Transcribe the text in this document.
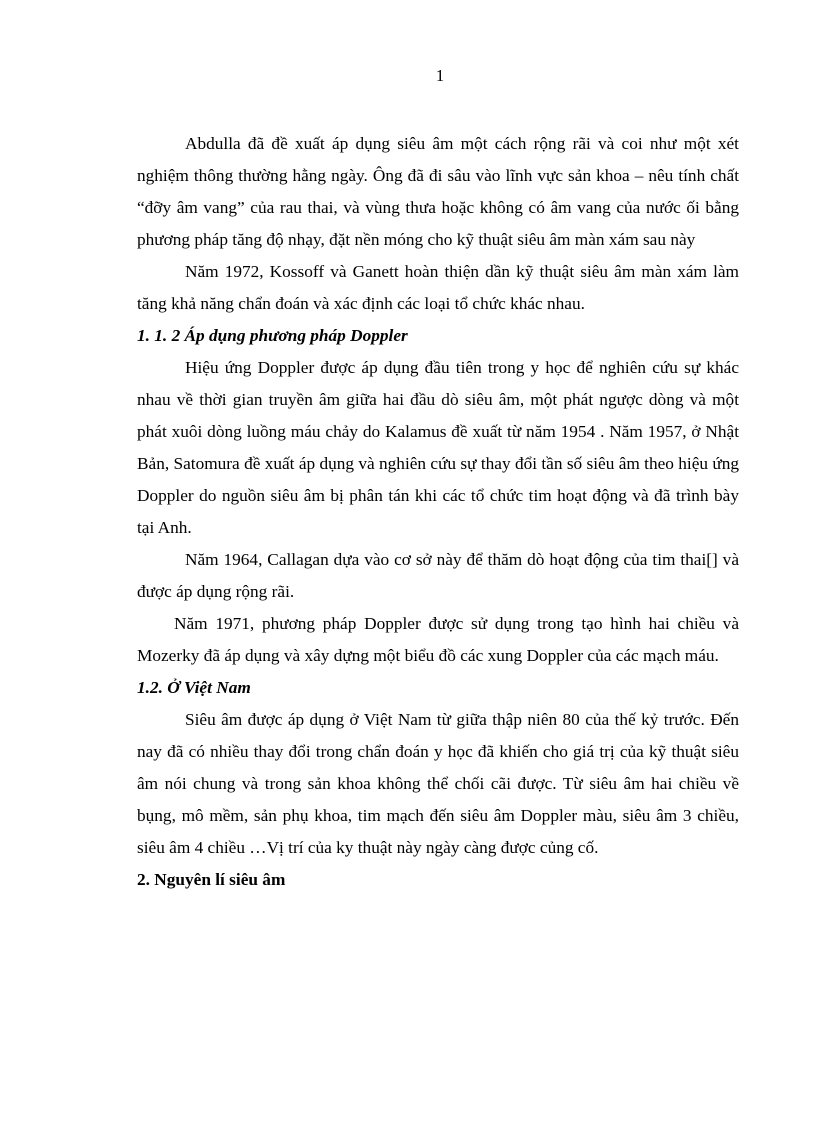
1

Abdulla đã đề xuất áp dụng siêu âm một cách rộng rãi và coi như một xét nghiệm thông thường hằng ngày. Ông đã đi sâu vào lĩnh vực sản khoa – nêu tính chất “đỡy âm vang” của rau thai, và vùng thưa hoặc không có âm vang của nước ối bằng phương pháp tăng độ nhạy, đặt nền móng cho kỹ thuật siêu âm màn xám sau này

Năm 1972, Kossoff và Ganett hoàn thiện dần kỹ thuật siêu âm màn xám làm tăng khả năng chẩn đoán và xác định các loại tổ chức khác nhau.

1. 1. 2 Áp dụng phương pháp Doppler

Hiệu ứng Doppler được áp dụng đầu tiên trong y học để nghiên cứu sự khác nhau về thời gian truyền âm giữa hai đầu dò siêu âm, một phát ngược dòng và một phát xuôi dòng luồng máu chảy do Kalamus đề xuất từ năm 1954 . Năm 1957, ở Nhật Bản, Satomura đề xuất áp dụng và nghiên cứu sự thay đổi tần số siêu âm theo hiệu ứng Doppler do nguồn siêu âm bị phân tán khi các tổ chức tim hoạt động và đã trình bày tại Anh.

Năm 1964, Callagan dựa vào cơ sở này để thăm dò hoạt động của tim thai[] và được áp dụng rộng rãi.

Năm 1971, phương pháp Doppler được sử dụng trong tạo hình hai chiều và Mozerky đã áp dụng và xây dựng một biểu đồ các xung Doppler của các mạch máu.

1.2. Ở Việt Nam

Siêu âm được áp dụng ở Việt Nam từ giữa thập niên 80 của thế kỷ trước. Đến nay đã có nhiều thay đổi trong chẩn đoán y học đã khiến cho giá trị của kỹ thuật siêu âm nói chung và trong sản khoa không thể chối cãi được. Từ siêu âm hai chiều về bụng, mô mềm, sản phụ khoa, tim mạch đến siêu âm Doppler màu, siêu âm 3 chiều, siêu âm 4 chiều …Vị trí của ky thuật này ngày càng được củng cố.

2. Nguyên lí siêu âm
